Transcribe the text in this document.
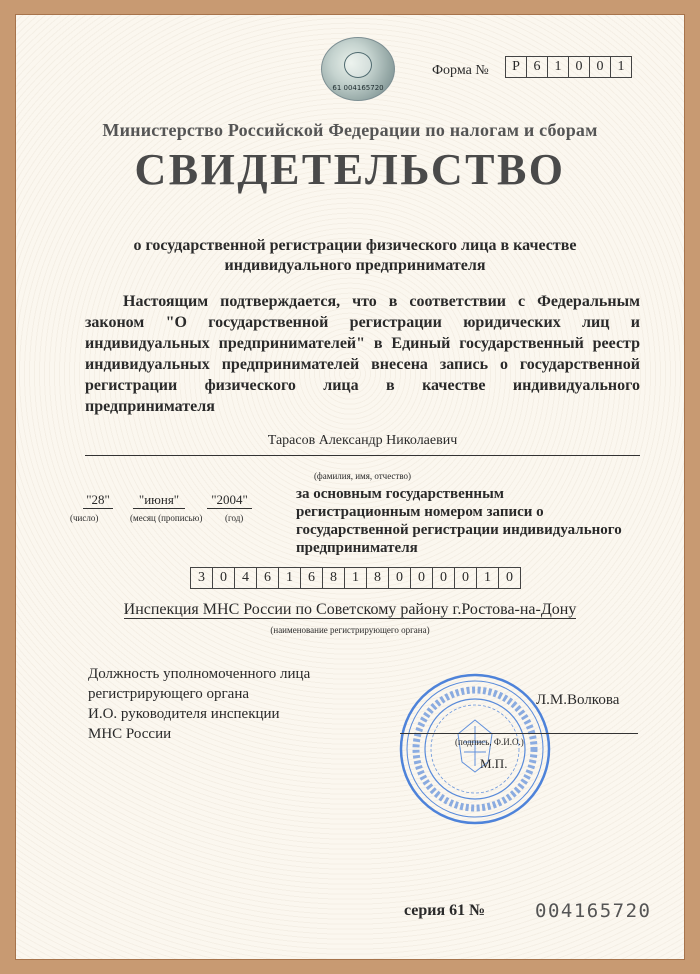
61 004165720
Форма №	Р 6	1	0	0	1
Министерство Российской Федерации по налогам и сборам
СВИДЕТЕЛЬСТВО
о государственной регистрации физического лица в качестве индивидуального предпринимателя
Настоящим подтверждается, что в соответствии с Федеральным законом "О государственной регистрации юридических лиц и индивидуальных предпринимателей" в Единый государственный реестр индивидуальных предпринимателей внесена запись о государственной регистрации физического лица в качестве индивидуального предпринимателя
Тарасов Александр Николаевич
(фамилия, имя, отчество)
"28" "июня" "2004"
(число)	(месяц (прописью)	(год)
за основным государственным регистрационным номером записи о государственной регистрации индивидуального предпринимателя
3	0	4	6	1	6	8	1	8	0	0	0	0	1	0
Инспекция МНС России по Советскому району г.Ростова-на-Дону
(наименование регистрирующего органа)
Должность уполномоченного лица
регистрирующего органа
И.О. руководителя инспекции
МНС России
Л.М.Волкова
(подпись, Ф.И.О.)
М.П.
серия 61 №	004165720
